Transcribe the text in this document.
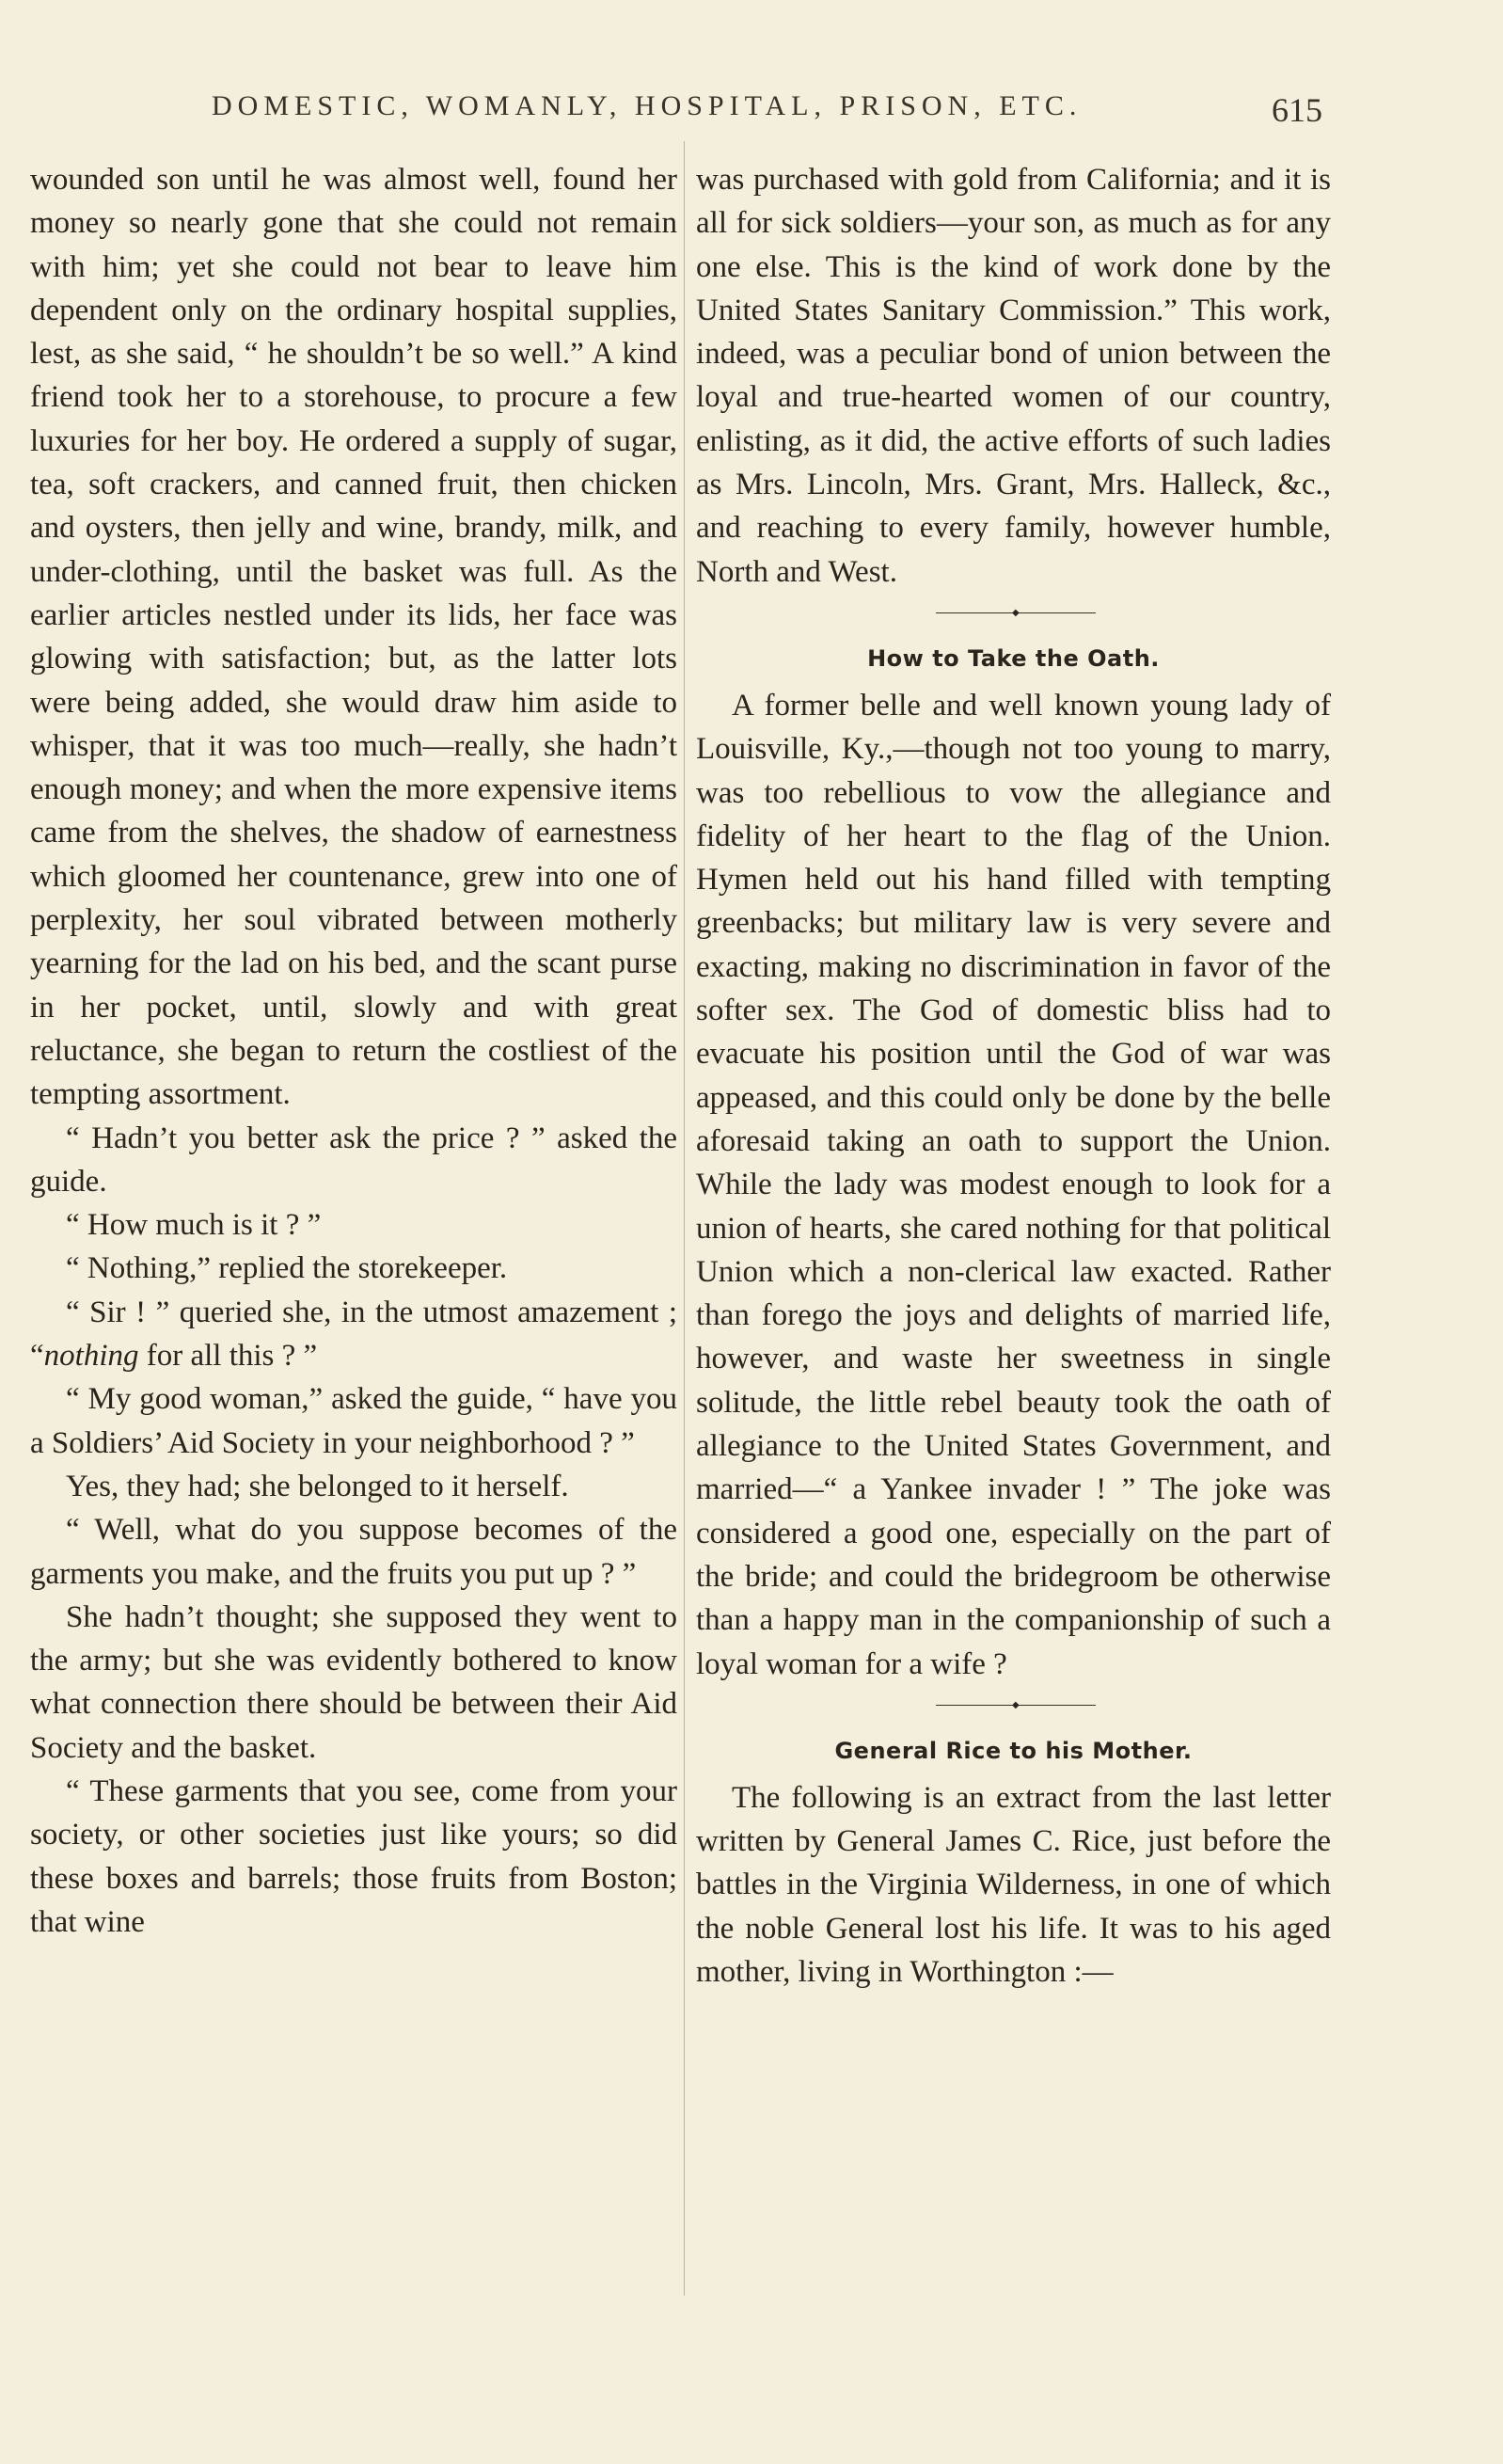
DOMESTIC, WOMANLY, HOSPITAL, PRISON, ETC.	615

wounded son until he was almost well, found her money so nearly gone that she could not remain with him; yet she could not bear to leave him dependent only on the ordinary hospital supplies, lest, as she said, “ he shouldn’t be so well.” A kind friend took her to a storehouse, to procure a few luxuries for her boy. He ordered a supply of sugar, tea, soft crackers, and canned fruit, then chicken and oysters, then jelly and wine, brandy, milk, and under-clothing, until the basket was full. As the earlier articles nestled under its lids, her face was glowing with satisfaction; but, as the latter lots were being added, she would draw him aside to whisper, that it was too much—really, she hadn’t enough money; and when the more expensive items came from the shelves, the shadow of earnestness which gloomed her countenance, grew into one of perplexity, her soul vibrated between motherly yearning for the lad on his bed, and the scant purse in her pocket, until, slowly and with great reluctance, she began to return the costliest of the tempting assortment.

“ Hadn’t you better ask the price ? ” asked the guide.

“ How much is it ? ”

“ Nothing,” replied the storekeeper.

“ Sir ! ” queried she, in the utmost amazement ; “nothing for all this ? ”

“ My good woman,” asked the guide, “ have you a Soldiers’ Aid Society in your neighborhood ? ”

Yes, they had; she belonged to it herself.

“ Well, what do you suppose becomes of the garments you make, and the fruits you put up ? ”

She hadn’t thought; she supposed they went to the army; but she was evidently bothered to know what connection there should be between their Aid Society and the basket.

“ These garments that you see, come from your society, or other societies just like yours; so did these boxes and barrels; those fruits from Boston; that wine

was purchased with gold from California; and it is all for sick soldiers—your son, as much as for any one else. This is the kind of work done by the United States Sanitary Commission.” This work, indeed, was a peculiar bond of union between the loyal and true-hearted women of our country, enlisting, as it did, the active efforts of such ladies as Mrs. Lincoln, Mrs. Grant, Mrs. Halleck, &c., and reaching to every family, however humble, North and West.

◆
How to Take the Oath.

A former belle and well known young lady of Louisville, Ky.,—though not too young to marry, was too rebellious to vow the allegiance and fidelity of her heart to the flag of the Union. Hymen held out his hand filled with tempting greenbacks; but military law is very severe and exacting, making no discrimination in favor of the softer sex. The God of domestic bliss had to evacuate his position until the God of war was appeased, and this could only be done by the belle aforesaid taking an oath to support the Union. While the lady was modest enough to look for a union of hearts, she cared nothing for that political Union which a non-clerical law exacted. Rather than forego the joys and delights of married life, however, and waste her sweetness in single solitude, the little rebel beauty took the oath of allegiance to the United States Government, and married—“ a Yankee invader ! ” The joke was considered a good one, especially on the part of the bride; and could the bridegroom be otherwise than a happy man in the companionship of such a loyal woman for a wife ?

◆
General Rice to his Mother.

The following is an extract from the last letter written by General James C. Rice, just before the battles in the Virginia Wilderness, in one of which the noble General lost his life. It was to his aged mother, living in Worthington :—
